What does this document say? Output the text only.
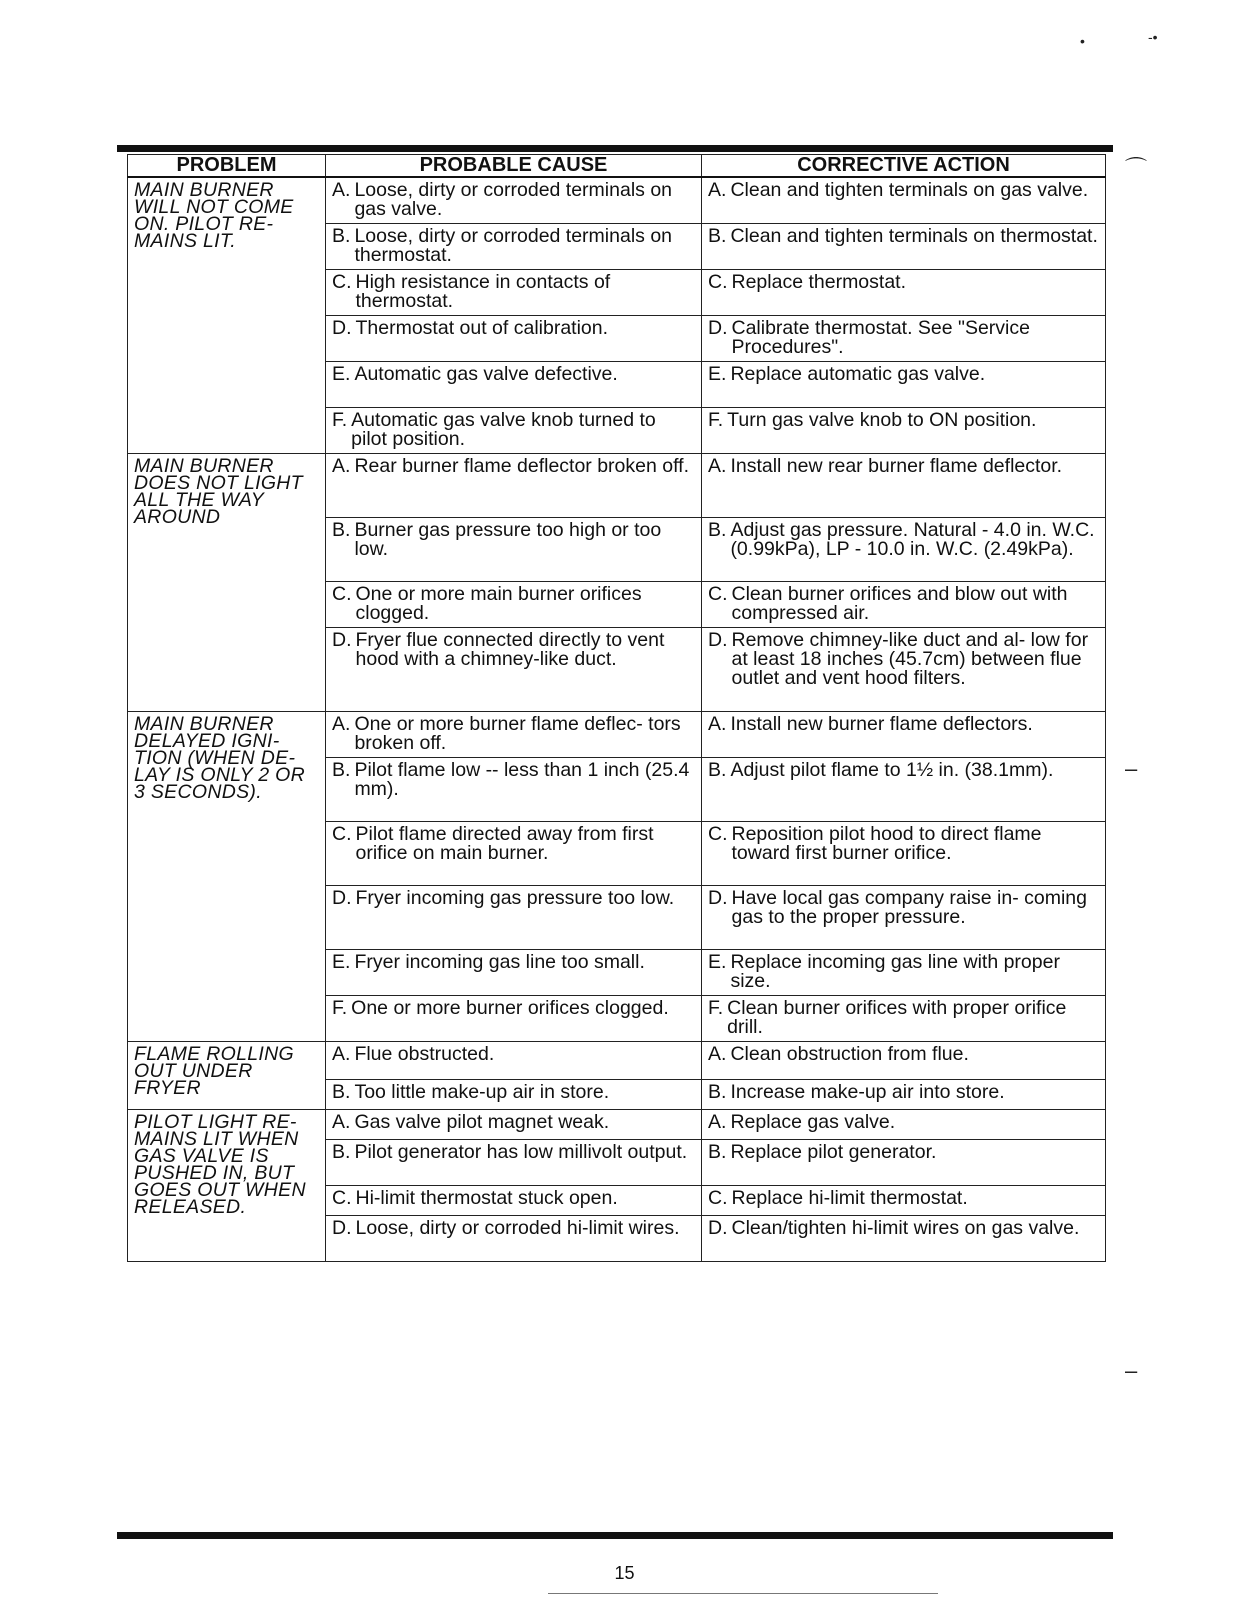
•	-•
⌒
‒
‒
PROBLEM	PROBABLE CAUSE	CORRECTIVE ACTION
MAIN BURNER WILL NOT COME ON. PILOT RE- MAINS LIT.	A. Loose, dirty or corroded terminals on gas valve.	A. Clean and tighten terminals on gas valve.

	B. Loose, dirty or corroded terminals on thermostat.	B. Clean and tighten terminals on thermostat.

	C. High resistance in contacts of thermostat.	C. Replace thermostat.

	D. Thermostat out of calibration.	D. Calibrate thermostat. See "Service Procedures".

	E. Automatic gas valve defective.	E. Replace automatic gas valve.

	F. Automatic gas valve knob turned to pilot position.	F. Turn gas valve knob to ON position.

MAIN BURNER DOES NOT LIGHT ALL THE WAY AROUND	A. Rear burner flame deflector broken off.	A. Install new rear burner flame deflector.

	B. Burner gas pressure too high or too low.	B. Adjust gas pressure. Natural - 4.0 in. W.C.(0.99kPa), LP - 10.0 in. W.C. (2.49kPa).

	C. One or more main burner orifices clogged.	C. Clean burner orifices and blow out with compressed air.

	D. Fryer flue connected directly to vent hood with a chimney-like duct.	D. Remove chimney-like duct and al- low for at least 18 inches (45.7cm) between flue outlet and vent hood filters.

MAIN BURNER DELAYED IGNI- TION (WHEN DE- LAY IS ONLY 2 OR 3 SECONDS).	A. One or more burner flame deflec- tors broken off.	A. Install new burner flame deflectors.

	B. Pilot flame low -- less than 1 inch (25.4 mm).	B. Adjust pilot flame to 1½ in. (38.1mm).

	C. Pilot flame directed away from first orifice on main burner.	C. Reposition pilot hood to direct flame toward first burner orifice.

	D. Fryer incoming gas pressure too low.	D. Have local gas company raise in- coming gas to the proper pressure.

	E. Fryer incoming gas line too small.	E. Replace incoming gas line with proper size.

	F. One or more burner orifices clogged.	F. Clean burner orifices with proper orifice drill.

FLAME ROLLING OUT UNDER FRYER	A. Flue obstructed.	A. Clean obstruction from flue.

	B. Too little make-up air in store.	B. Increase make-up air into store.

PILOT LIGHT RE- MAINS LIT WHEN GAS VALVE IS PUSHED IN, BUT GOES OUT WHEN RELEASED.	A. Gas valve pilot magnet weak.	A. Replace gas valve.

	B. Pilot generator has low millivolt output.	B. Replace pilot generator.

	C. Hi-limit thermostat stuck open.	C. Replace hi-limit thermostat.

	D. Loose, dirty or corroded hi-limit wires.	D. Clean/tighten hi-limit wires on gas valve.
15
